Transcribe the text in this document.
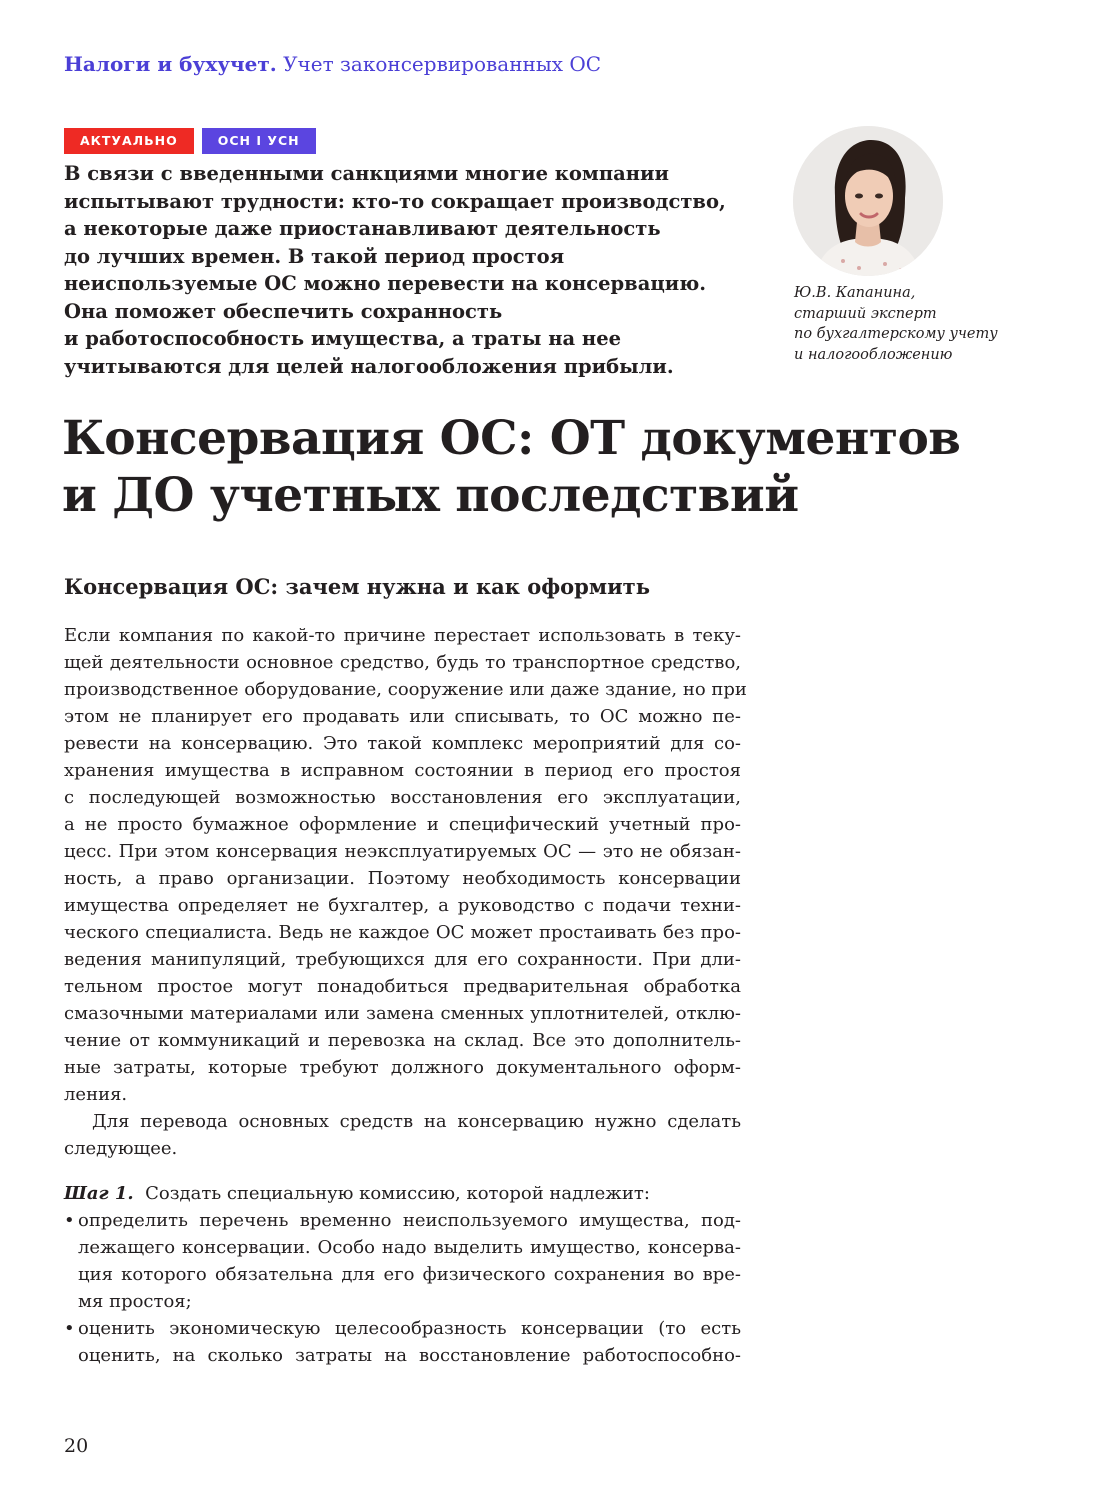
Налоги и бухучет. Учет законсервированных ОС
АКТУАЛЬНО	ОСН I УСН

В связи с введенными санкциями многие компании

испытывают трудности: кто-то сокращает производство,

а некоторые даже приостанавливают деятельность

до лучших времен. В такой период простоя

неиспользуемые ОС можно перевести на консервацию.

Она поможет обеспечить сохранность

и работоспособность имущества, а траты на нее

учитываются для целей налогообложения прибыли.

Ю.В. Капанина,
старший эксперт
по бухгалтерскому учету
и налогообложению
Консервация ОС: ОТ документов
и ДО учетных последствий
Консервация ОС: зачем нужна и как оформить
Если компания по какой-то причине перестает использовать в теку-
щей деятельности основное средство, будь то транспортное средство,
производственное оборудование, сооружение или даже здание, но при
этом не планирует его продавать или списывать, то ОС можно пе-
ревести на консервацию. Это такой комплекс мероприятий для со-
хранения имущества в исправном состоянии в период его простоя
с последующей возможностью восстановления его эксплуатации,
а не просто бумажное оформление и специфический учетный про-
цесс. При этом консервация неэксплуатируемых ОС — это не обязан-
ность, а право организации. Поэтому необходимость консервации
имущества определяет не бухгалтер, а руководство с подачи техни-
ческого специалиста. Ведь не каждое ОС может простаивать без про-
ведения манипуляций, требующихся для его сохранности. При дли-
тельном простое могут понадобиться предварительная обработка
смазочными материалами или замена сменных уплотнителей, отклю-
чение от коммуникаций и перевозка на склад. Все это дополнитель-
ные затраты, которые требуют должного документального оформ-
ления.
Для перевода основных средств на консервацию нужно сделать
следующее.
Шаг 1. Создать специальную комиссию, которой надлежит:
• определить перечень временно неиспользуемого имущества, под-
лежащего консервации. Особо надо выделить имущество, консерва-
ция которого обязательна для его физического сохранения во вре-
мя простоя;
• оценить экономическую целесообразность консервации (то есть
оценить, на сколько затраты на восстановление работоспособно-
20
